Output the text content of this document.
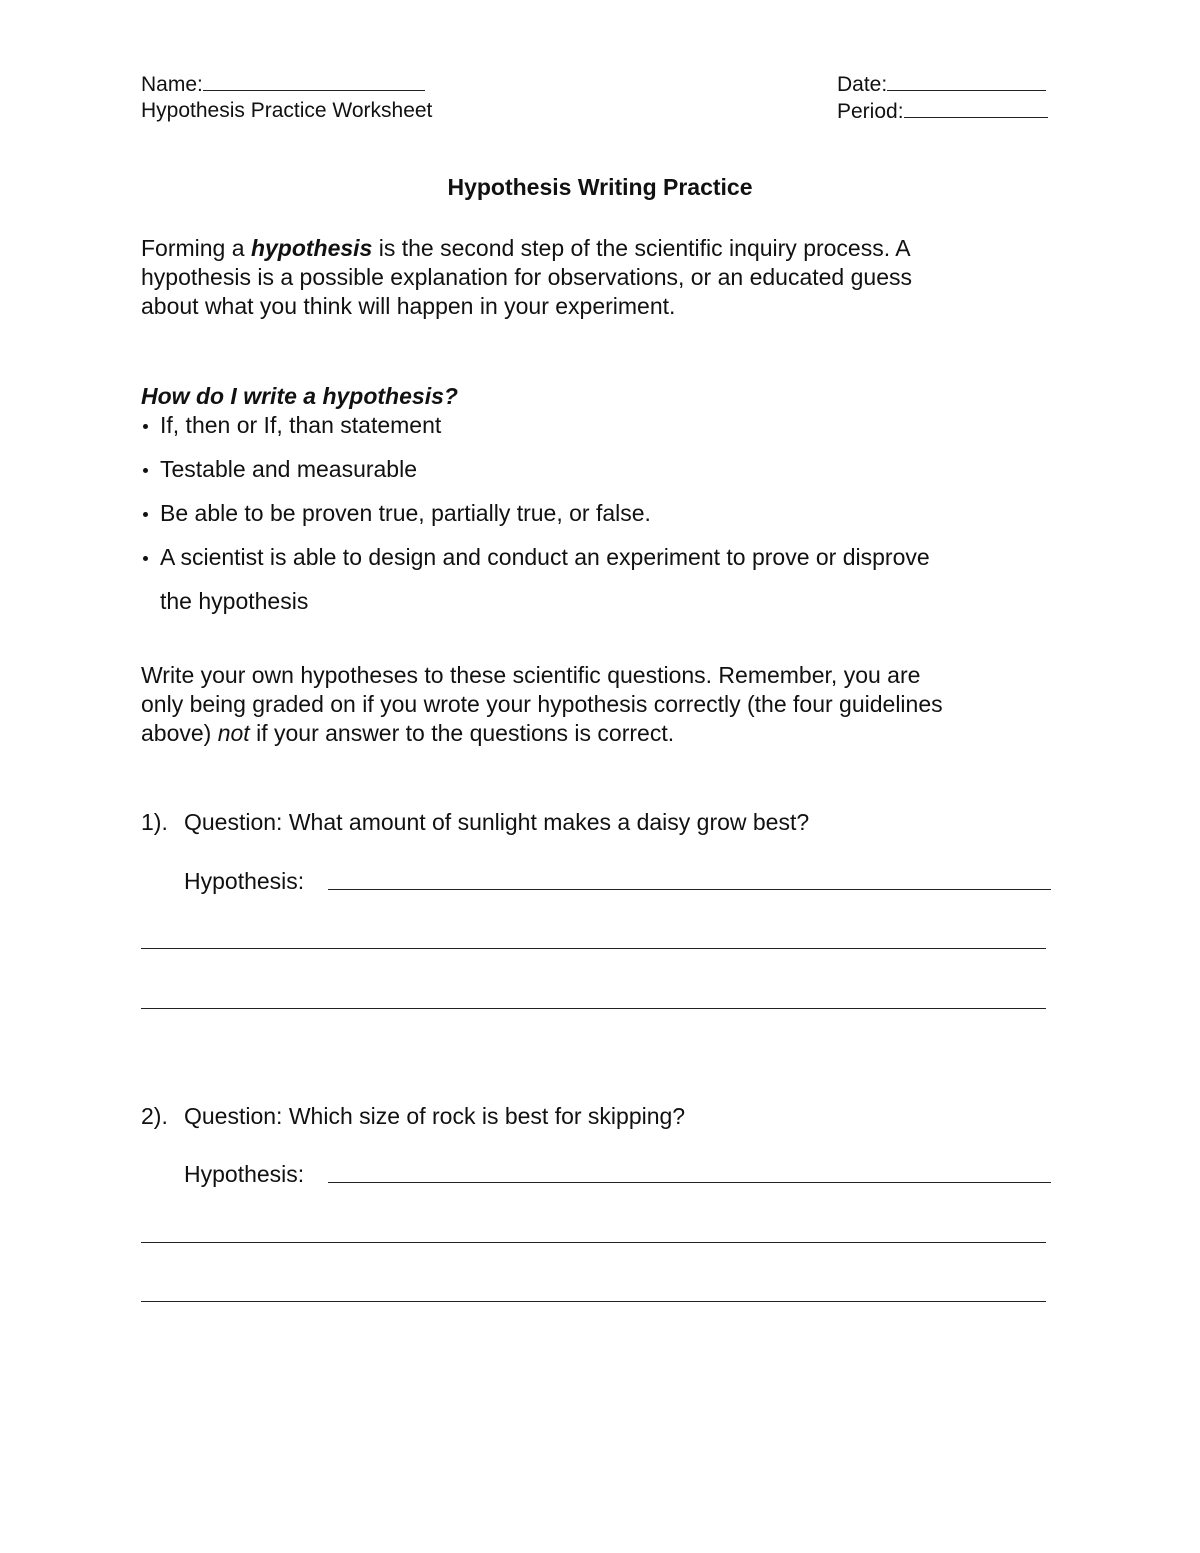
Name:
Hypothesis Practice Worksheet
Date:
Period:
Hypothesis Writing Practice
Forming a hypothesis is the second step of the scientific inquiry process. A
hypothesis is a possible explanation for observations, or an educated guess
about what you think will happen in your experiment.
How do I write a hypothesis?
If, then or If, than statement
Testable and measurable
Be able to be proven true, partially true, or false.
A scientist is able to design and conduct an experiment to prove or disprove
the hypothesis
Write your own hypotheses to these scientific questions. Remember, you are
only being graded on if you wrote your hypothesis correctly (the four guidelines
above) not if your answer to the questions is correct.
1). Question: What amount of sunlight makes a daisy grow best?
Hypothesis:
2). Question: Which size of rock is best for skipping?
Hypothesis:
